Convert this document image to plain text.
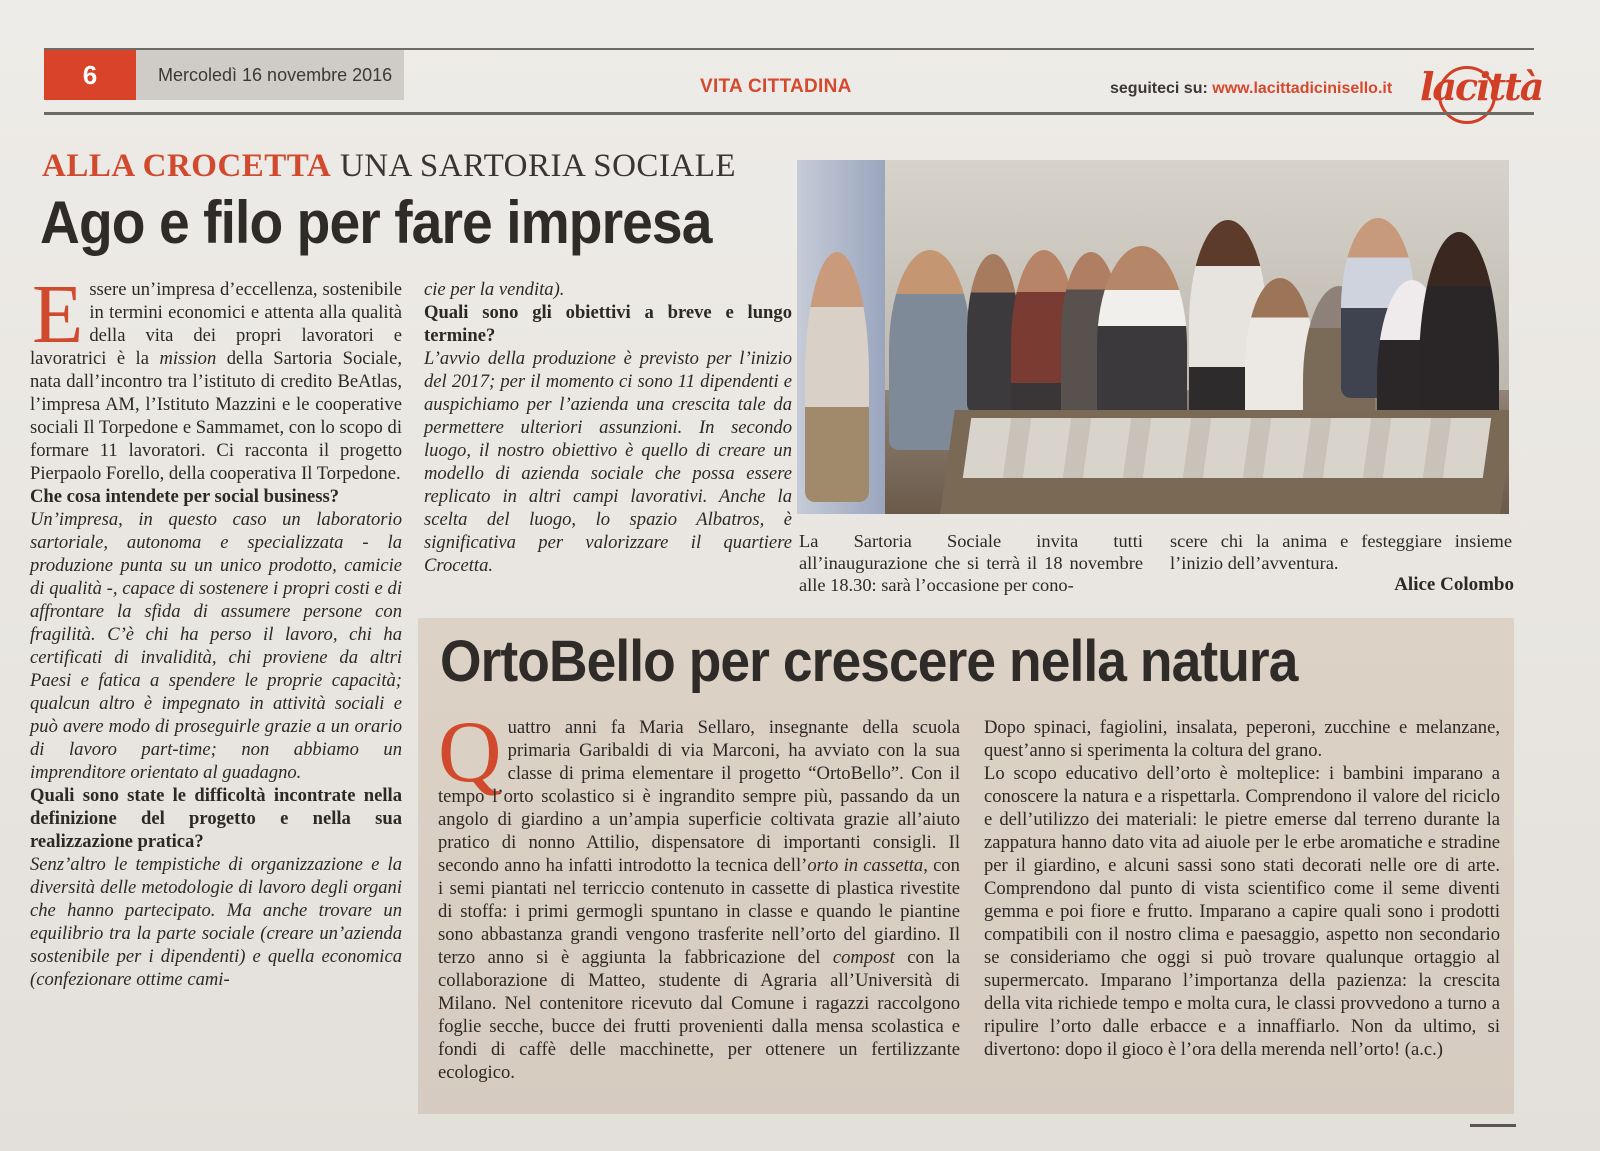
6	Mercoledì 16 novembre 2016
VITA CITTADINA	seguiteci su: www.lacittadicinisello.it lacittà
ALLA CROCETTA UNA SARTORIA SOCIALE
Ago e filo per fare impresa

Essere un’impresa d’eccellenza, sostenibile in termini economici e attenta alla qualità della vita dei propri lavoratori e lavoratrici è la mission della Sartoria Sociale, nata dall’incontro tra l’istituto di credito BeAtlas, l’impresa AM, l’Istituto Mazzini e le cooperative sociali Il Torpedone e Sammamet, con lo scopo di formare 11 lavoratori. Ci racconta il progetto Pierpaolo Forello, della cooperativa Il Torpedone.

Che cosa intendete per social business?

Un’impresa, in questo caso un laboratorio sartoriale, autonoma e specializzata - la produzione punta su un unico prodotto, camicie di qualità -, capace di sostenere i propri costi e di affrontare la sfida di assumere persone con fragilità. C’è chi ha perso il lavoro, chi ha certificati di invalidità, chi proviene da altri Paesi e fatica a spendere le proprie capacità; qualcun altro è impegnato in attività sociali e può avere modo di proseguirle grazie a un orario di lavoro part-time; non abbiamo un imprenditore orientato al guadagno.

Quali sono state le difficoltà incontrate nella definizione del progetto e nella sua realizzazione pratica?

Senz’altro le tempistiche di organizzazione e la diversità delle metodologie di lavoro degli organi che hanno partecipato. Ma anche trovare un equilibrio tra la parte sociale (creare un’azienda sostenibile per i dipendenti) e quella economica (confezionare ottime cami-

cie per la vendita).

Quali sono gli obiettivi a breve e lungo termine?

L’avvio della produzione è previsto per l’inizio del 2017; per il momento ci sono 11 dipendenti e auspichiamo per l’azienda una crescita tale da permettere ulteriori assunzioni. In secondo luogo, il nostro obiettivo è quello di creare un modello di azienda sociale che possa essere replicato in altri campi lavorativi. Anche la scelta del luogo, lo spazio Albatros, è significativa per valorizzare il quartiere Crocetta.

La Sartoria Sociale invita tutti all’inaugurazione che si terrà il 18 novembre alle 18.30: sarà l’occasione per cono-
scere chi la anima e festeggiare insieme l’inizio dell’avventura.
Alice Colombo
OrtoBello per crescere nella natura

Quattro anni fa Maria Sellaro, insegnante della scuola primaria Garibaldi di via Marconi, ha avviato con la sua classe di prima elementare il progetto “OrtoBello”. Con il tempo l’orto scolastico si è ingrandito sempre più, passando da un angolo di giardino a un’ampia superficie coltivata grazie all’aiuto pratico di nonno Attilio, dispensatore di importanti consigli. Il secondo anno ha infatti introdotto la tecnica dell’orto in cassetta, con i semi piantati nel terriccio contenuto in cassette di plastica rivestite di stoffa: i primi germogli spuntano in classe e quando le piantine sono abbastanza grandi vengono trasferite nell’orto del giardino. Il terzo anno si è aggiunta la fabbricazione del compost con la collaborazione di Matteo, studente di Agraria all’Università di Milano. Nel contenitore ricevuto dal Comune i ragazzi raccolgono foglie secche, bucce dei frutti provenienti dalla mensa scolastica e fondi di caffè delle macchinette, per ottenere un fertilizzante ecologico.

Dopo spinaci, fagiolini, insalata, peperoni, zucchine e melanzane, quest’anno si sperimenta la coltura del grano.

Lo scopo educativo dell’orto è molteplice: i bambini imparano a conoscere la natura e a rispettarla. Comprendono il valore del riciclo e dell’utilizzo dei materiali: le pietre emerse dal terreno durante la zappatura hanno dato vita ad aiuole per le erbe aromatiche e stradine per il giardino, e alcuni sassi sono stati decorati nelle ore di arte. Comprendono dal punto di vista scientifico come il seme diventi gemma e poi fiore e frutto. Imparano a capire quali sono i prodotti compatibili con il nostro clima e paesaggio, aspetto non secondario se consideriamo che oggi si può trovare qualunque ortaggio al supermercato. Imparano l’importanza della pazienza: la crescita della vita richiede tempo e molta cura, le classi provvedono a turno a ripulire l’orto dalle erbacce e a innaffiarlo. Non da ultimo, si divertono: dopo il gioco è l’ora della merenda nell’orto! (a.c.)
